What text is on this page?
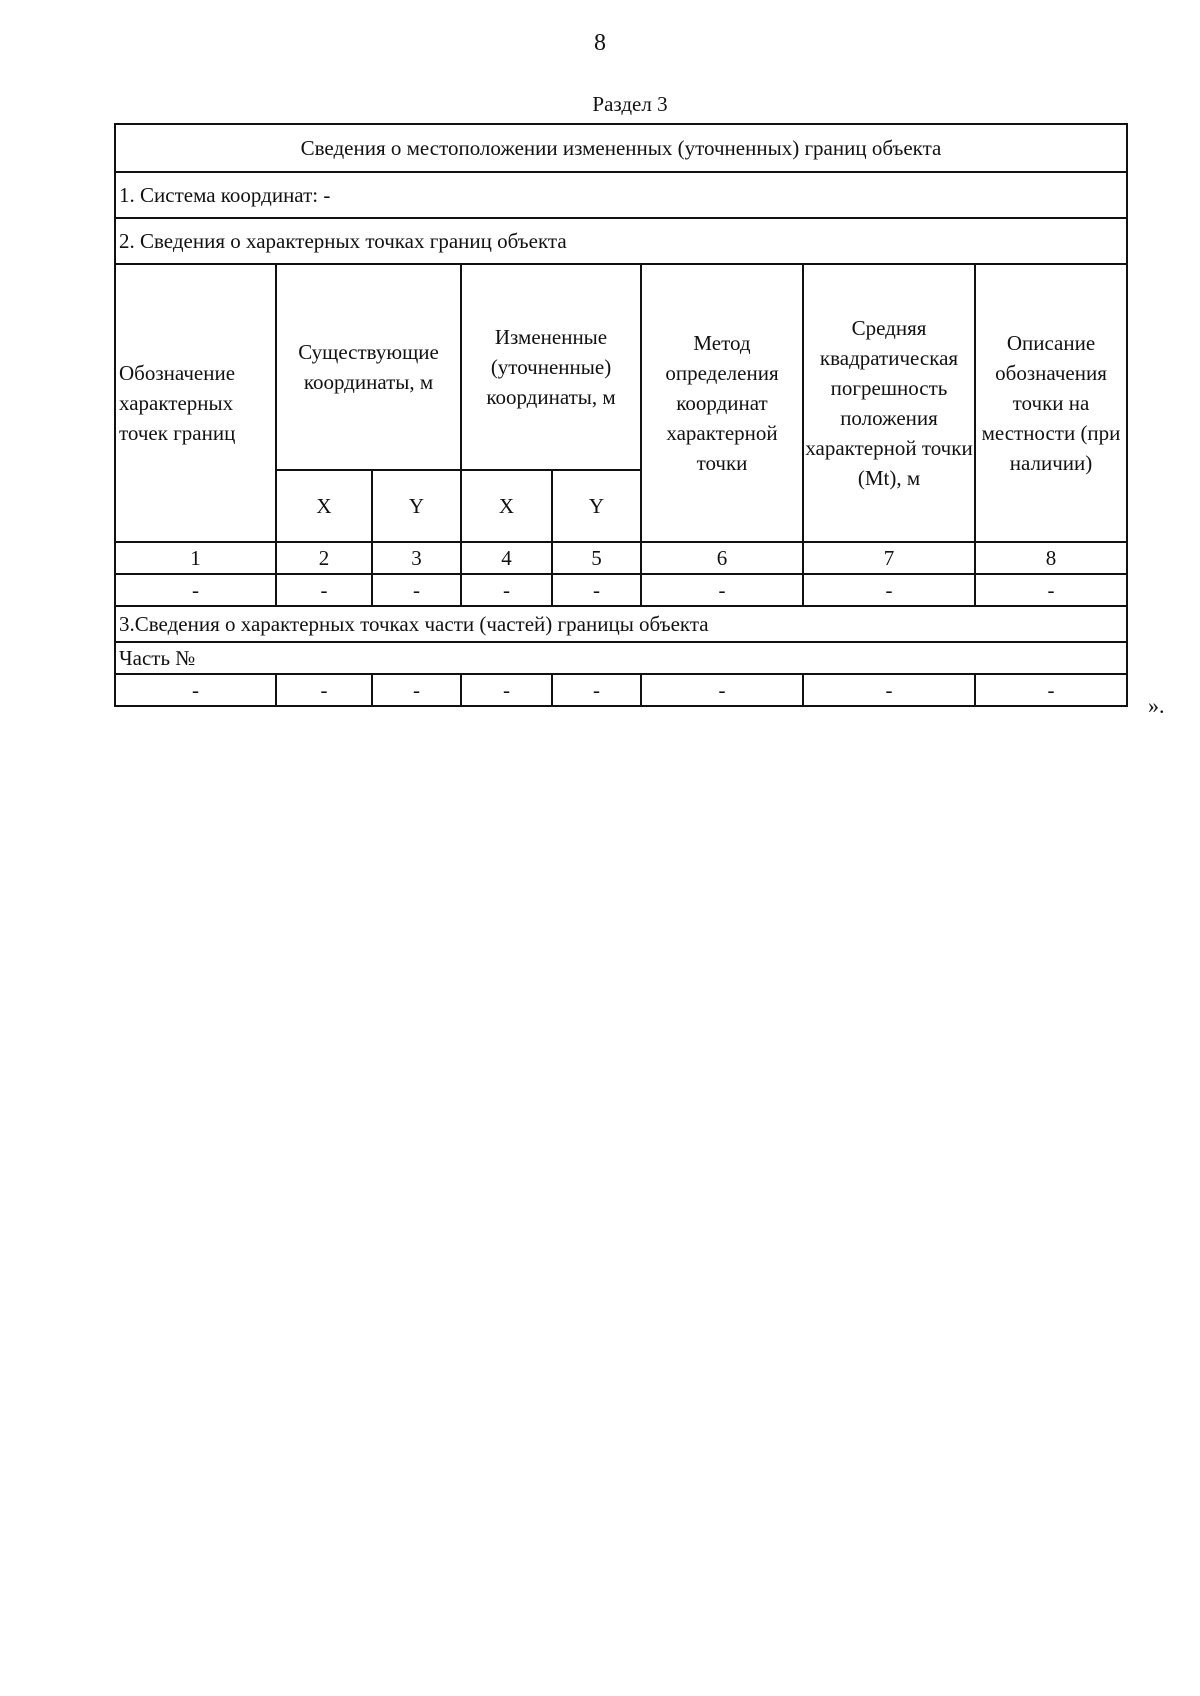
8
Раздел 3
Сведения о местоположении измененных (уточненных) границ объекта							
1. Система координат: -							
2. Сведения о характерных точках границ объекта							
Обозначение характерных точек границ	Существующие координаты, м		Измененные (уточненные) координаты, м		Метод определения координат характерной точки	Средняя квадратическая погрешность положения характерной точки (Mt), м	Описание обозначения точки на местности (при наличии)
	X	Y	X	Y			
1	2	3	4	5	6	7	8
-	-	-	-	-	-	-	-
3.Сведения о характерных точках части (частей) границы объекта							
Часть №							
-	-	-	-	-	-	-	-
».
